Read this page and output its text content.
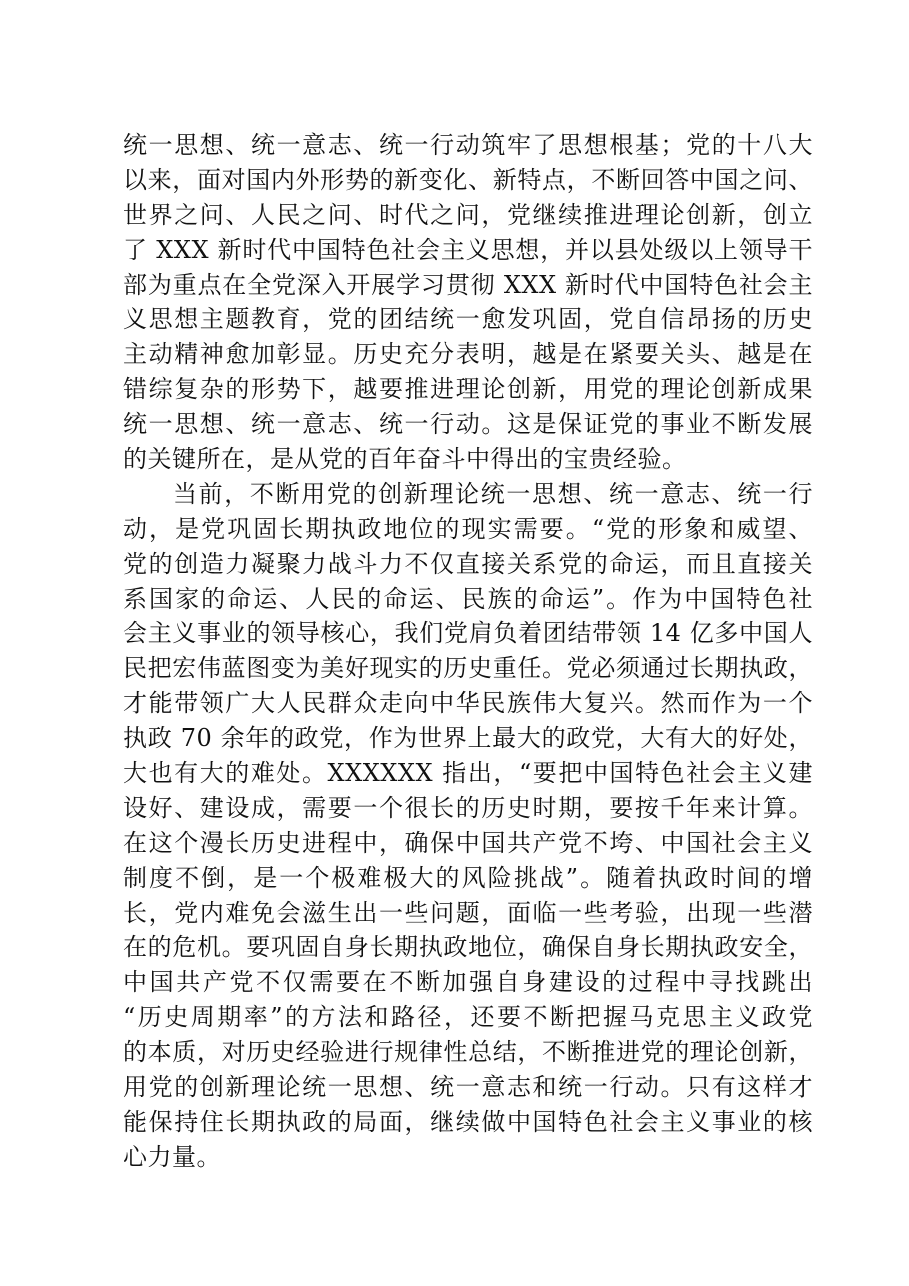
统一思想、统一意志、统一行动筑牢了思想根基；党的十八大
以来，面对国内外形势的新变化、新特点，不断回答中国之问、
世界之问、人民之问、时代之问，党继续推进理论创新，创立
了 XXX 新时代中国特色社会主义思想，并以县处级以上领导干
部为重点在全党深入开展学习贯彻 XXX 新时代中国特色社会主
义思想主题教育，党的团结统一愈发巩固，党自信昂扬的历史
主动精神愈加彰显。历史充分表明，越是在紧要关头、越是在
错综复杂的形势下，越要推进理论创新，用党的理论创新成果
统一思想、统一意志、统一行动。这是保证党的事业不断发展
的关键所在，是从党的百年奋斗中得出的宝贵经验。
当前，不断用党的创新理论统一思想、统一意志、统一行
动，是党巩固长期执政地位的现实需要。“党的形象和威望、
党的创造力凝聚力战斗力不仅直接关系党的命运，而且直接关
系国家的命运、人民的命运、民族的命运”。作为中国特色社
会主义事业的领导核心，我们党肩负着团结带领 14 亿多中国人
民把宏伟蓝图变为美好现实的历史重任。党必须通过长期执政，
才能带领广大人民群众走向中华民族伟大复兴。然而作为一个
执政 70 余年的政党，作为世界上最大的政党，大有大的好处，
大也有大的难处。XXXXXX 指出，“要把中国特色社会主义建
设好、建设成，需要一个很长的历史时期，要按千年来计算。
在这个漫长历史进程中，确保中国共产党不垮、中国社会主义
制度不倒，是一个极难极大的风险挑战”。随着执政时间的增
长，党内难免会滋生出一些问题，面临一些考验，出现一些潜
在的危机。要巩固自身长期执政地位，确保自身长期执政安全，
中国共产党不仅需要在不断加强自身建设的过程中寻找跳出
“历史周期率”的方法和路径，还要不断把握马克思主义政党
的本质，对历史经验进行规律性总结，不断推进党的理论创新，
用党的创新理论统一思想、统一意志和统一行动。只有这样才
能保持住长期执政的局面，继续做中国特色社会主义事业的核
心力量。
